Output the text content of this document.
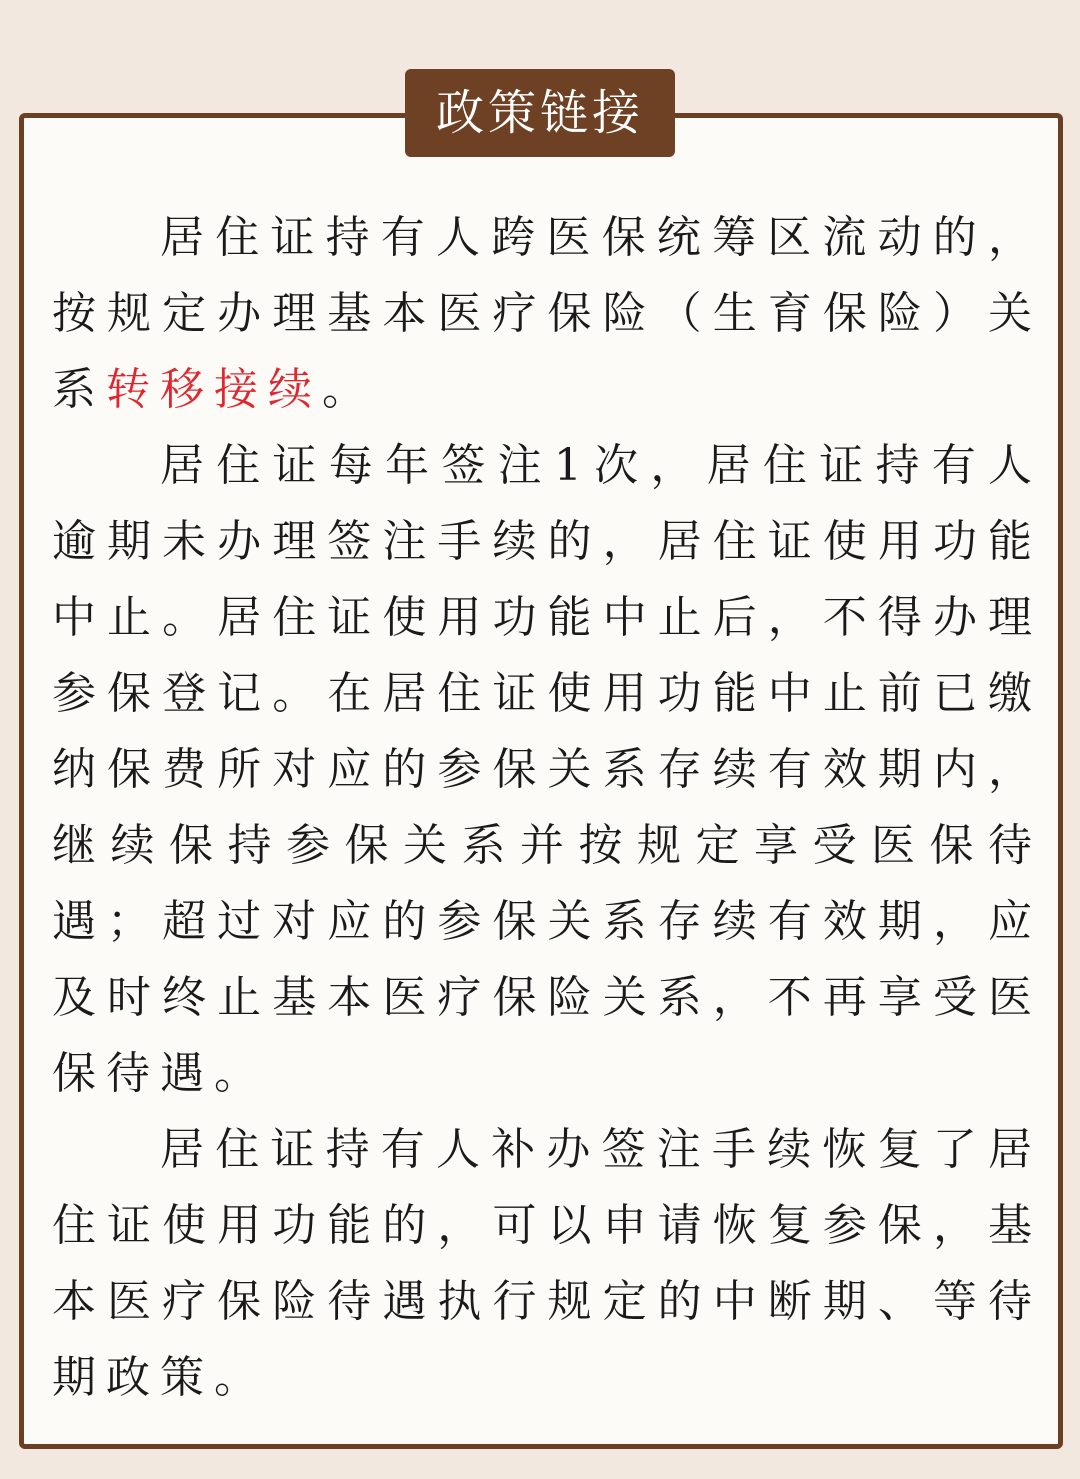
政策链接

居住证持有人跨医保统筹区流动的，按规定办理基本医疗保险（生育保险）关系转移接续。

居住证每年签注1次，居住证持有人逾期未办理签注手续的，居住证使用功能中止。居住证使用功能中止后，不得办理参保登记。在居住证使用功能中止前已缴纳保费所对应的参保关系存续有效期内，继续保持参保关系并按规定享受医保待遇；超过对应的参保关系存续有效期，应及时终止基本医疗保险关系，不再享受医保待遇。

居住证持有人补办签注手续恢复了居住证使用功能的，可以申请恢复参保，基本医疗保险待遇执行规定的中断期、等待期政策。
